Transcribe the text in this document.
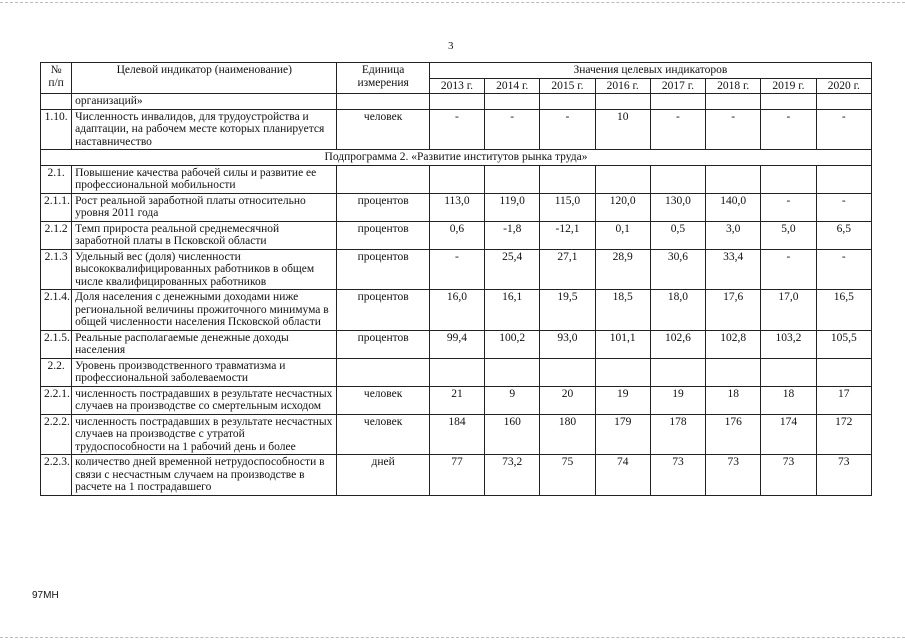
3
№
п/п	Целевой индикатор (наименование)	Единица измерения	Значения целевых индикаторов							
			2013 г.	2014 г.	2015 г.	2016 г.	2017 г.	2018 г.	2019 г.	2020 г.
	организаций»									
1.10.	Численность инвалидов, для трудоустройства и адаптации, на рабочем месте которых планируется наставничество	человек	-	-	-	10	-	-	-	-
Подпрограмма 2. «Развитие институтов рынка труда»										
2.1.	Повышение качества рабочей силы и развитие ее профессиональной мобильности									
2.1.1.	Рост реальной заработной платы относительно уровня 2011 года	процентов	113,0	119,0	115,0	120,0	130,0	140,0	-	-
2.1.2	Темп прироста реальной среднемесячной заработной платы в Псковской области	процентов	0,6	-1,8	-12,1	0,1	0,5	3,0	5,0	6,5
2.1.3	Удельный вес (доля) численности высококвалифицированных работников в общем числе квалифицированных работников	процентов	-	25,4	27,1	28,9	30,6	33,4	-	-
2.1.4.	Доля населения с денежными доходами ниже региональной величины прожиточного минимума в общей численности населения Псковской области	процентов	16,0	16,1	19,5	18,5	18,0	17,6	17,0	16,5
2.1.5.	Реальные располагаемые денежные доходы населения	процентов	99,4	100,2	93,0	101,1	102,6	102,8	103,2	105,5
2.2.	Уровень производственного травматизма и профессиональной заболеваемости									
2.2.1.	численность пострадавших в результате несчастных случаев на производстве со смертельным исходом	человек	21	9	20	19	19	18	18	17
2.2.2.	численность пострадавших в результате несчастных случаев на производстве с утратой трудоспособности на 1 рабочий день и более	человек	184	160	180	179	178	176	174	172
2.2.3.	количество дней временной нетрудоспособности в связи с несчастным случаем на производстве в расчете на 1 пострадавшего	дней	77	73,2	75	74	73	73	73	73
97МН
